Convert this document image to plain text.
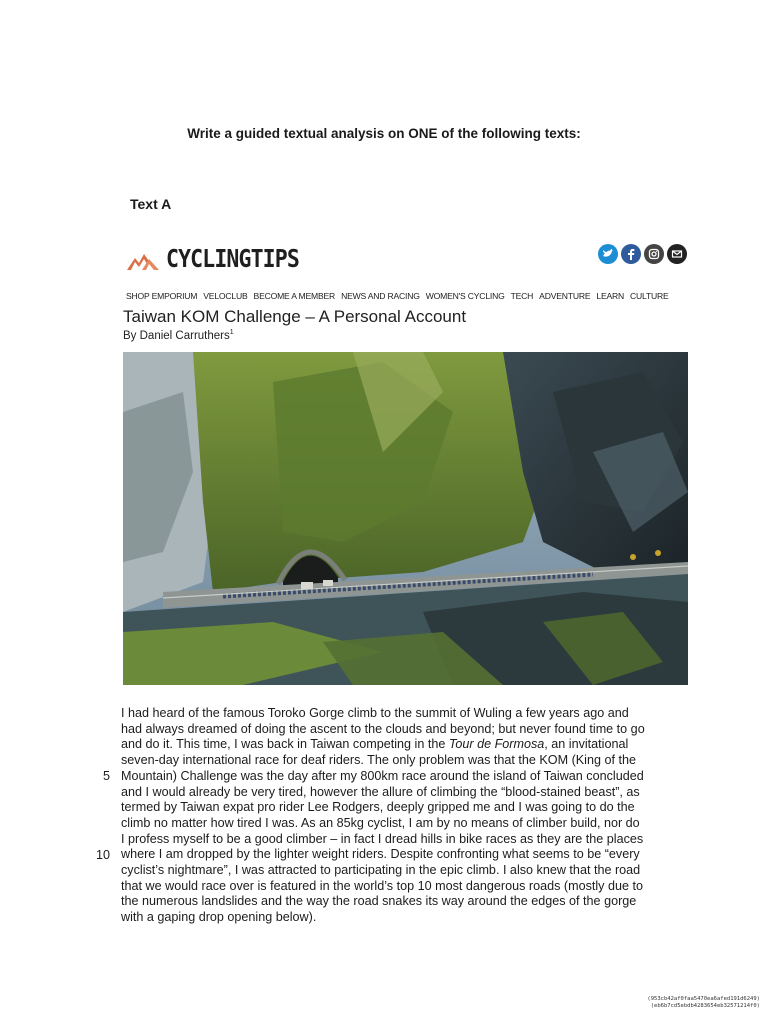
Write a guided textual analysis on ONE of the following texts:
Text A
CYCLINGTIPS
SHOP EMPORIUM VELOCLUB BECOME A MEMBER NEWS AND RACING WOMEN'S CYCLING TECH ADVENTURE LEARN CULTURE
Taiwan KOM Challenge – A Personal Account
By Daniel Carruthers$^1$

I had heard of the famous Toroko Gorge climb to the summit of Wuling a few years ago and

had always dreamed of doing the ascent to the clouds and beyond; but never found time to go

and do it. This time, I was back in Taiwan competing in the Tour de Formosa, an invitational

seven-day international race for deaf riders. The only problem was that the KOM (King of the

Mountain) Challenge was the day after my 800km race around the island of Taiwan concluded

and I would already be very tired, however the allure of climbing the “blood-stained beast”, as

termed by Taiwan expat pro rider Lee Rodgers, deeply gripped me and I was going to do the

climb no matter how tired I was. As an 85kg cyclist, I am by no means of climber build, nor do

I profess myself to be a good climber – in fact I dread hills in bike races as they are the places

where I am dropped by the lighter weight riders. Despite confronting what seems to be “every

cyclist’s nightmare”, I was attracted to participating in the epic climb. I also knew that the road

that we would race over is featured in the world’s top 10 most dangerous roads (mostly due to

the numerous landslides and the way the road snakes its way around the edges of the gorge

with a gaping drop opening below).

5
10
(953cb42af0faa5470ea6afed191d6249)
(eb6b7cd5ebdb4283654eb32571214f0)
